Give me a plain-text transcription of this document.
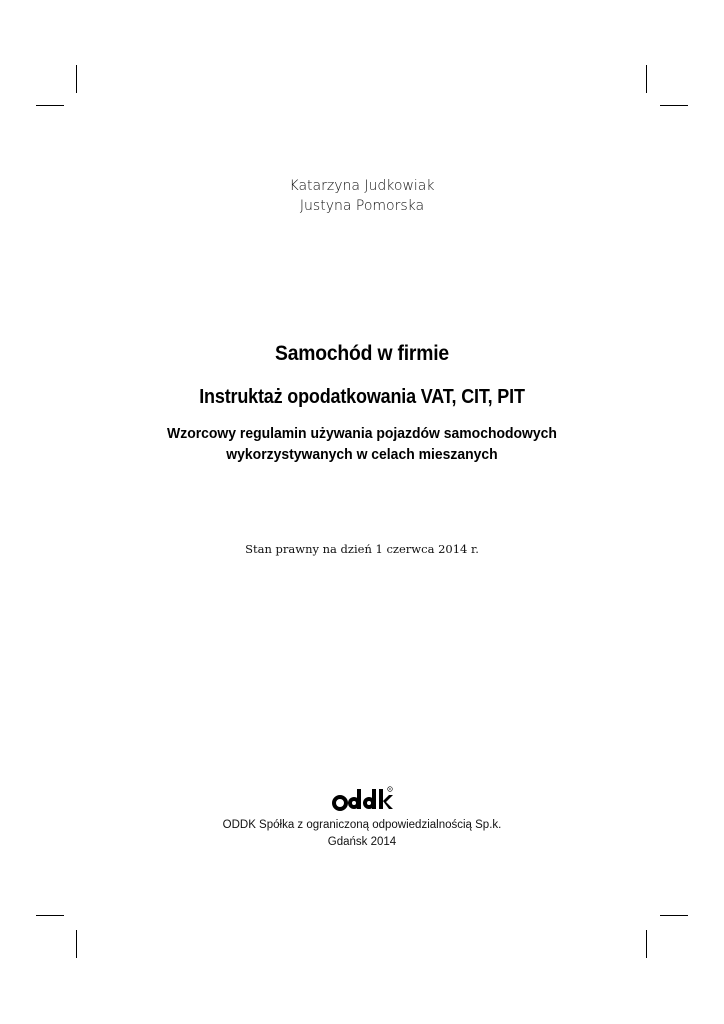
Katarzyna Judkowiak
Justyna Pomorska
Samochód w firmie
Instruktaż opodatkowania VAT, CIT, PIT
Wzorcowy regulamin używania pojazdów samochodowych
wykorzystywanych w celach mieszanych
Stan prawny na dzień 1 czerwca 2014 r.
R
ODDK Spółka z ograniczoną odpowiedzialnością Sp.k.
Gdańsk 2014
